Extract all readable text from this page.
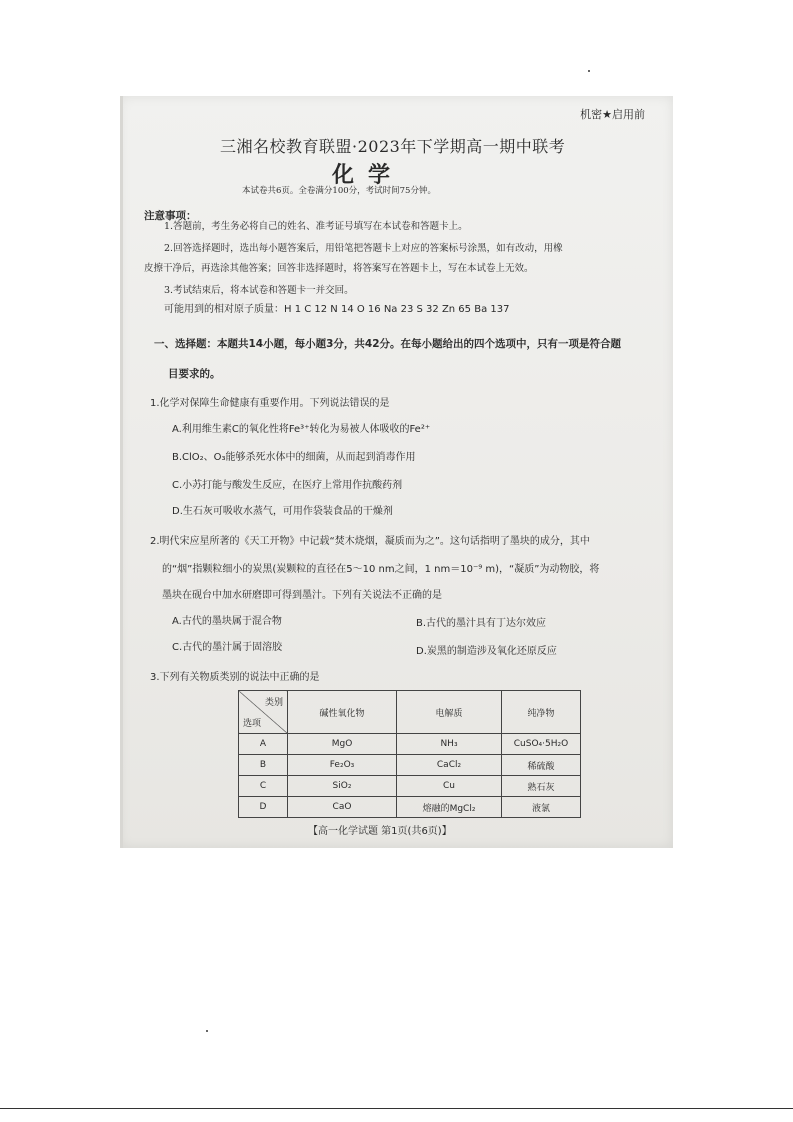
机密★启用前
三湘名校教育联盟·2023年下学期高一期中联考
化学
本试卷共6页。全卷满分100分，考试时间75分钟。
注意事项：
1.答题前，考生务必将自己的姓名、准考证号填写在本试卷和答题卡上。
2.回答选择题时，选出每小题答案后，用铅笔把答题卡上对应的答案标号涂黑，如有改动，用橡
皮擦干净后，再选涂其他答案；回答非选择题时，将答案写在答题卡上，写在本试卷上无效。
3.考试结束后，将本试卷和答题卡一并交回。
可能用到的相对原子质量：H 1 C 12 N 14 O 16 Na 23 S 32 Zn 65 Ba 137
一、选择题：本题共14小题，每小题3分，共42分。在每小题给出的四个选项中，只有一项是符合题
目要求的。
1.化学对保障生命健康有重要作用。下列说法错误的是
A.利用维生素C的氧化性将Fe³⁺转化为易被人体吸收的Fe²⁺
B.ClO₂、O₃能够杀死水体中的细菌，从而起到消毒作用
C.小苏打能与酸发生反应，在医疗上常用作抗酸药剂
D.生石灰可吸收水蒸气，可用作袋装食品的干燥剂
2.明代宋应星所著的《天工开物》中记载“焚木烧烟，凝质而为之”。这句话指明了墨块的成分，其中
的“烟”指颗粒细小的炭黑(炭颗粒的直径在5～10 nm之间，1 nm＝10⁻⁹ m)，“凝质”为动物胶，将
墨块在砚台中加水研磨即可得到墨汁。下列有关说法不正确的是
A.古代的墨块属于混合物	B.古代的墨汁具有丁达尔效应
C.古代的墨汁属于固溶胶	D.炭黑的制造涉及氧化还原反应
3.下列有关物质类别的说法中正确的是
类别
选项	碱性氧化物	电解质	纯净物
A	MgO	NH₃	CuSO₄·5H₂O
B	Fe₂O₃	CaCl₂	稀硫酸
C	SiO₂	Cu	熟石灰
D	CaO	熔融的MgCl₂	液氯
【高一化学试题 第1页(共6页)】
